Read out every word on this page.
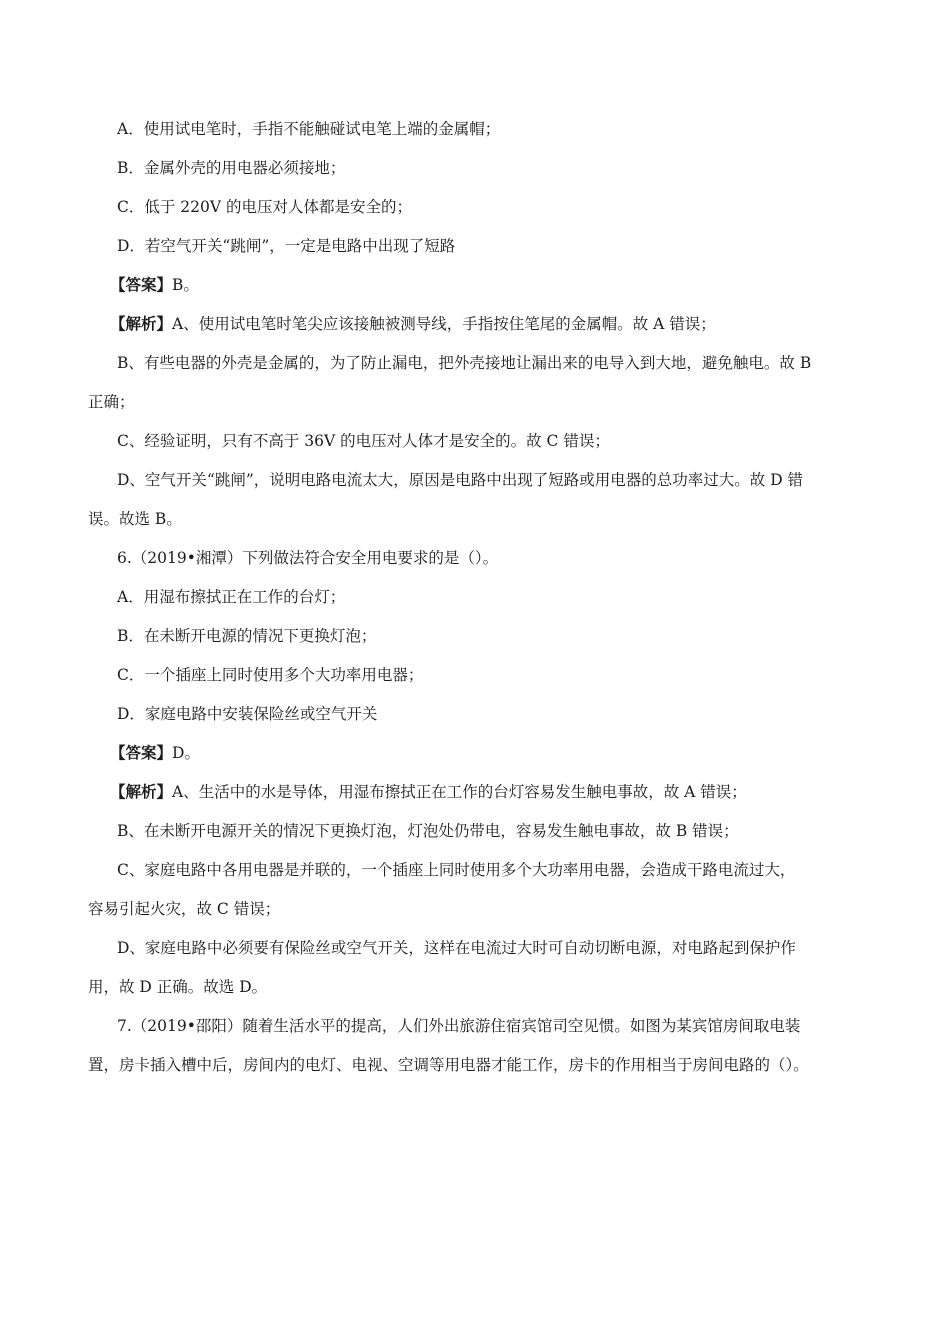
A．使用试电笔时，手指不能触碰试电笔上端的金属帽；
B．金属外壳的用电器必须接地；
C．低于 220V 的电压对人体都是安全的；
D．若空气开关“跳闸”，一定是电路中出现了短路
【答案】B。
【解析】A、使用试电笔时笔尖应该接触被测导线，手指按住笔尾的金属帽。故 A 错误；
B、有些电器的外壳是金属的，为了防止漏电，把外壳接地让漏出来的电导入到大地，避免触电。故 B
正确；
C、经验证明，只有不高于 36V 的电压对人体才是安全的。故 C 错误；
D、空气开关“跳闸”，说明电路电流太大，原因是电路中出现了短路或用电器的总功率过大。故 D 错
误。故选 B。
6.（2019•湘潭）下列做法符合安全用电要求的是（）。
A．用湿布擦拭正在工作的台灯；
B．在未断开电源的情况下更换灯泡；
C．一个插座上同时使用多个大功率用电器；
D．家庭电路中安装保险丝或空气开关
【答案】D。
【解析】A、生活中的水是导体，用湿布擦拭正在工作的台灯容易发生触电事故，故 A 错误；
B、在未断开电源开关的情况下更换灯泡，灯泡处仍带电，容易发生触电事故，故 B 错误；
C、家庭电路中各用电器是并联的，一个插座上同时使用多个大功率用电器，会造成干路电流过大，
容易引起火灾，故 C 错误；
D、家庭电路中必须要有保险丝或空气开关，这样在电流过大时可自动切断电源，对电路起到保护作
用，故 D 正确。故选 D。
7.（2019•邵阳）随着生活水平的提高，人们外出旅游住宿宾馆司空见惯。如图为某宾馆房间取电装
置，房卡插入槽中后，房间内的电灯、电视、空调等用电器才能工作，房卡的作用相当于房间电路的（）。
